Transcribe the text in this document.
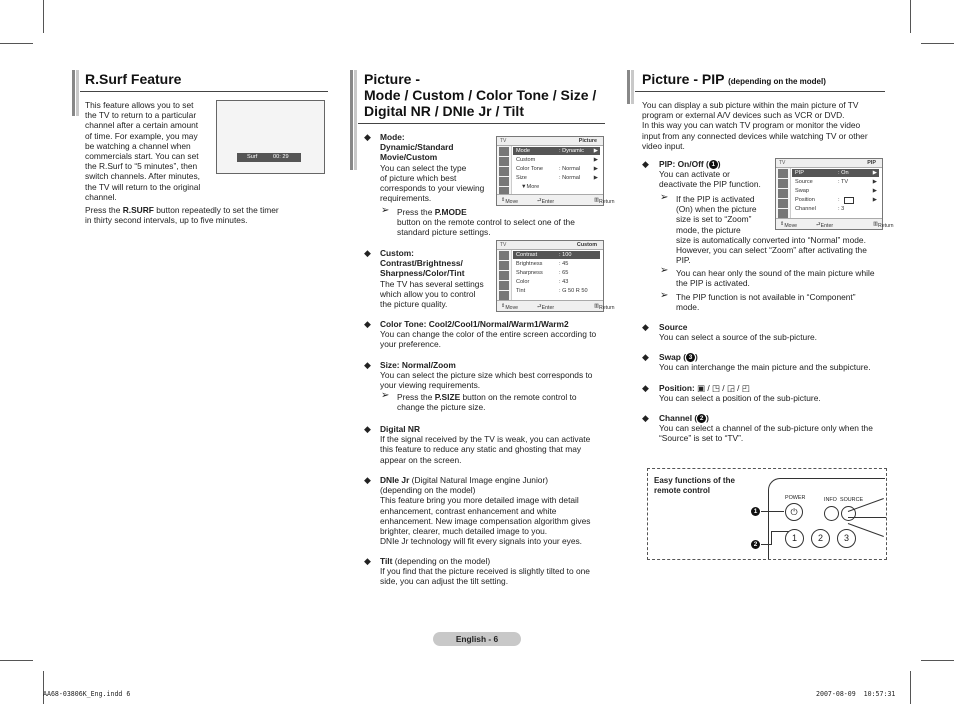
R.Surf Feature

This feature allows you to set

the TV to return to a particular

channel after a certain amount

of time. For example, you may

be watching a channel when

commercials start. You can set

the R.Surf to “5 minutes”, then

switch channels. After minutes,

the TV will return to the original

channel.

Press the R.SURF button repeatedly to set the timer

in thirty second intervals, up to five minutes.

Surf	00: 29
Picture -
Mode / Custom / Color Tone / Size /
Digital NR / DNIe Jr / Tilt
◆ Mode:
Dynamic/Standard
Movie/Custom
You can select the type
of picture which best
corresponds to your viewing
requirements.
➢ Press the P.MODE
button on the remote control to select one of the
standard picture settings.
TV	Picture
Mode	: Dynamic ▶
Custom	▶
Color Tone	: Normal ▶
Size	: Normal ▶
▼More
⇕ Move	⮐ Enter	▥ Return
◆ Custom:
Contrast/Brightness/
Sharpness/Color/Tint
The TV has several settings
which allow you to control
the picture quality.
TV	Custom
Contrast	: 100
Brightness	: 45
Sharpness	: 65
Color	: 43
Tint	: G 50 R 50
⇕ Move	⮐ Enter	▥ Return
◆ Color Tone: Cool2/Cool1/Normal/Warm1/Warm2
You can change the color of the entire screen according to
your preference.
◆ Size: Normal/Zoom
You can select the picture size which best corresponds to
your viewing requirements.
➢ Press the P.SIZE button on the remote control to
change the picture size.
◆ Digital NR
If the signal received by the TV is weak, you can activate
this feature to reduce any static and ghosting that may
appear on the screen.
◆ DNIe Jr (Digital Natural Image engine Junior)
(depending on the model)
This feature bring you more detailed image with detail
enhancement, contrast enhancement and white
enhancement. New image compensation algorithm gives
brighter, clearer, much detailed image to you.
DNIe Jr technology will fit every signals into your eyes.
◆ Tilt (depending on the model)
If you find that the picture received is slightly tilted to one
side, you can adjust the tilt setting.
Picture - PIP (depending on the model)

You can display a sub picture within the main picture of TV

program or external A/V devices such as VCR or DVD.

In this way you can watch TV program or monitor the video

input from any connected devices while watching TV or other

video input.

◆ PIP: On/Off ( 1 )
You can activate or
deactivate the PIP function.
➢ If the PIP is activated
(On) when the picture
size is set to “Zoom”
mode, the picture
size is automatically converted into “Normal” mode.
However, you can select “Zoom” after activating the
PIP.
➢ You can hear only the sound of the main picture while
the PIP is activated.
➢ The PIP function is not available in “Component”
mode.
TV	PIP
PIP	: On	▶
Source	: TV	▶
Swap	▶
Position	:	▶
Channel	: 3
⇕ Move	⮐ Enter	▥ Return
◆ Source
You can select a source of the sub-picture.
◆ Swap ( 3 )
You can interchange the main picture and the subpicture.
◆ Position: ▣ / ◳ / ◲ / ◰
You can select a position of the sub-picture.
◆ Channel ( 2 )
You can select a channel of the sub-picture only when the
“Source” is set to “TV”.
Easy functions of the
remote control
POWER	INFO SOURCE
⏻
1	2	3
1
2
English - 6
AA68-03806K_Eng.indd 6	2007-08-09 ︎ ︎10:57:31
